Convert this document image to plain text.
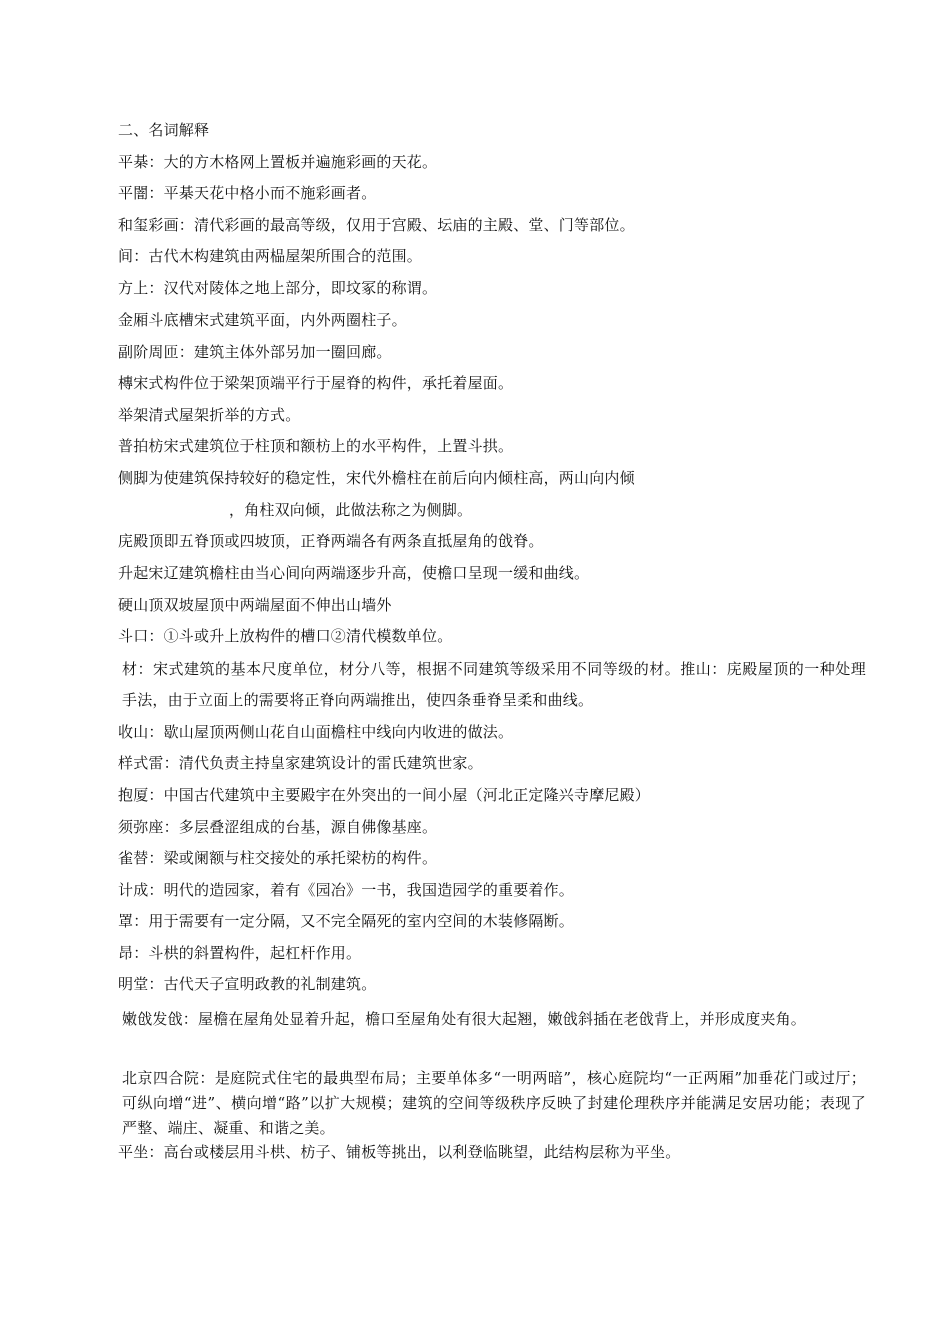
二、名词解释
平棊：大的方木格网上置板并遍施彩画的天花。
平闇：平棊天花中格小而不施彩画者。
和玺彩画：清代彩画的最高等级，仅用于宫殿、坛庙的主殿、堂、门等部位。
间：古代木构建筑由两榀屋架所围合的范围。
方上：汉代对陵体之地上部分，即坟冢的称谓。
金厢斗底槽宋式建筑平面，内外两圈柱子。
副阶周匝：建筑主体外部另加一圈回廊。
槫宋式构件位于梁架顶端平行于屋脊的构件，承托着屋面。
举架清式屋架折举的方式。
普拍枋宋式建筑位于柱顶和额枋上的水平构件，上置斗拱。
侧脚为使建筑保持较好的稳定性，宋代外檐柱在前后向内倾柱高，两山向内倾
，角柱双向倾，此做法称之为侧脚。
庑殿顶即五脊顶或四坡顶，正脊两端各有两条直抵屋角的戗脊。
升起宋辽建筑檐柱由当心间向两端逐步升高，使檐口呈现一缓和曲线。
硬山顶双坡屋顶中两端屋面不伸出山墙外
斗口：①斗或升上放构件的槽口②清代模数单位。
材：宋式建筑的基本尺度单位，材分八等，根据不同建筑等级采用不同等级的材。推山：庑殿屋顶的一种处理手法，由于立面上的需要将正脊向两端推出，使四条垂脊呈柔和曲线。
收山：歇山屋顶两侧山花自山面檐柱中线向内收进的做法。
样式雷：清代负责主持皇家建筑设计的雷氏建筑世家。
抱厦：中国古代建筑中主要殿宇在外突出的一间小屋（河北正定隆兴寺摩尼殿）
须弥座：多层叠涩组成的台基，源自佛像基座。
雀替：梁或阑额与柱交接处的承托梁枋的构件。
计成：明代的造园家，着有《园冶》一书，我国造园学的重要着作。
罩：用于需要有一定分隔，又不完全隔死的室内空间的木装修隔断。
昂：斗栱的斜置构件，起杠杆作用。
明堂：古代天子宣明政教的礼制建筑。
嫩戗发戗：屋檐在屋角处显着升起，檐口至屋角处有很大起翘，嫩戗斜插在老戗背上，并形成度夹角。
北京四合院：是庭院式住宅的最典型布局；主要单体多“一明两暗”，核心庭院均“一正两厢”加垂花门或过厅；可纵向增“进”、横向增“路”以扩大规模；建筑的空间等级秩序反映了封建伦理秩序并能满足安居功能；表现了严整、端庄、凝重、和谐之美。
平坐：高台或楼层用斗栱、枋子、铺板等挑出，以利登临眺望，此结构层称为平坐。
